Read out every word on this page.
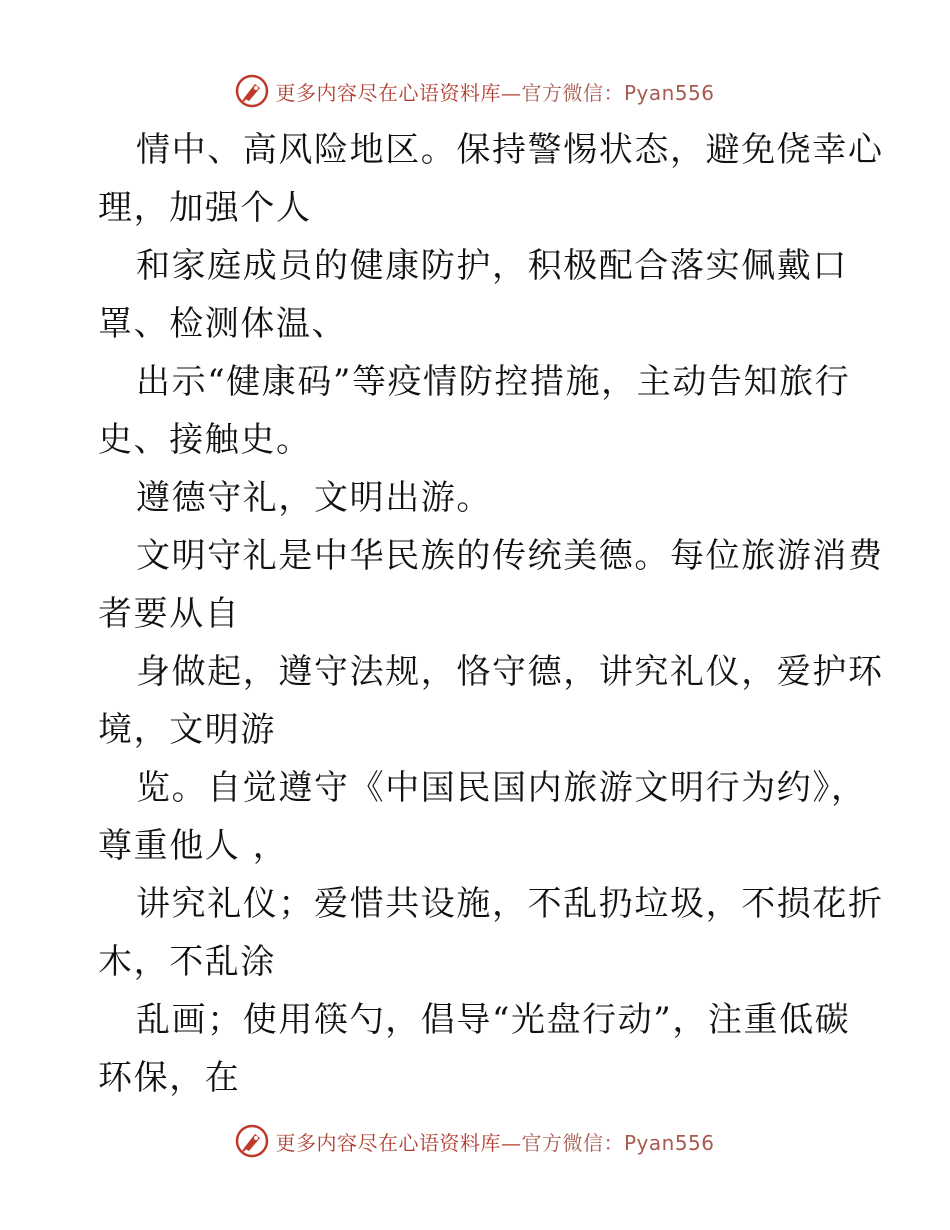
更多内容尽在心语资料库—官方微信：Pyan556
情中、高风险地区。保持警惕状态，避免侥幸心
理，加强个人
和家庭成员的健康防护，积极配合落实佩戴口
罩、检测体温、
出示“健康码”等疫情防控措施，主动告知旅行
史、接触史。
遵德守礼，文明出游。
文明守礼是中华民族的传统美德。每位旅游消费
者要从自
身做起，遵守法规，恪守德，讲究礼仪，爱护环
境，文明游
览。自觉遵守《中国民国内旅游文明行为约》，
尊重他人 ，
讲究礼仪；爱惜共设施，不乱扔垃圾，不损花折
木，不乱涂
乱画；使用筷勺，倡导“光盘行动”，注重低碳
环保，在
更多内容尽在心语资料库—官方微信：Pyan556
